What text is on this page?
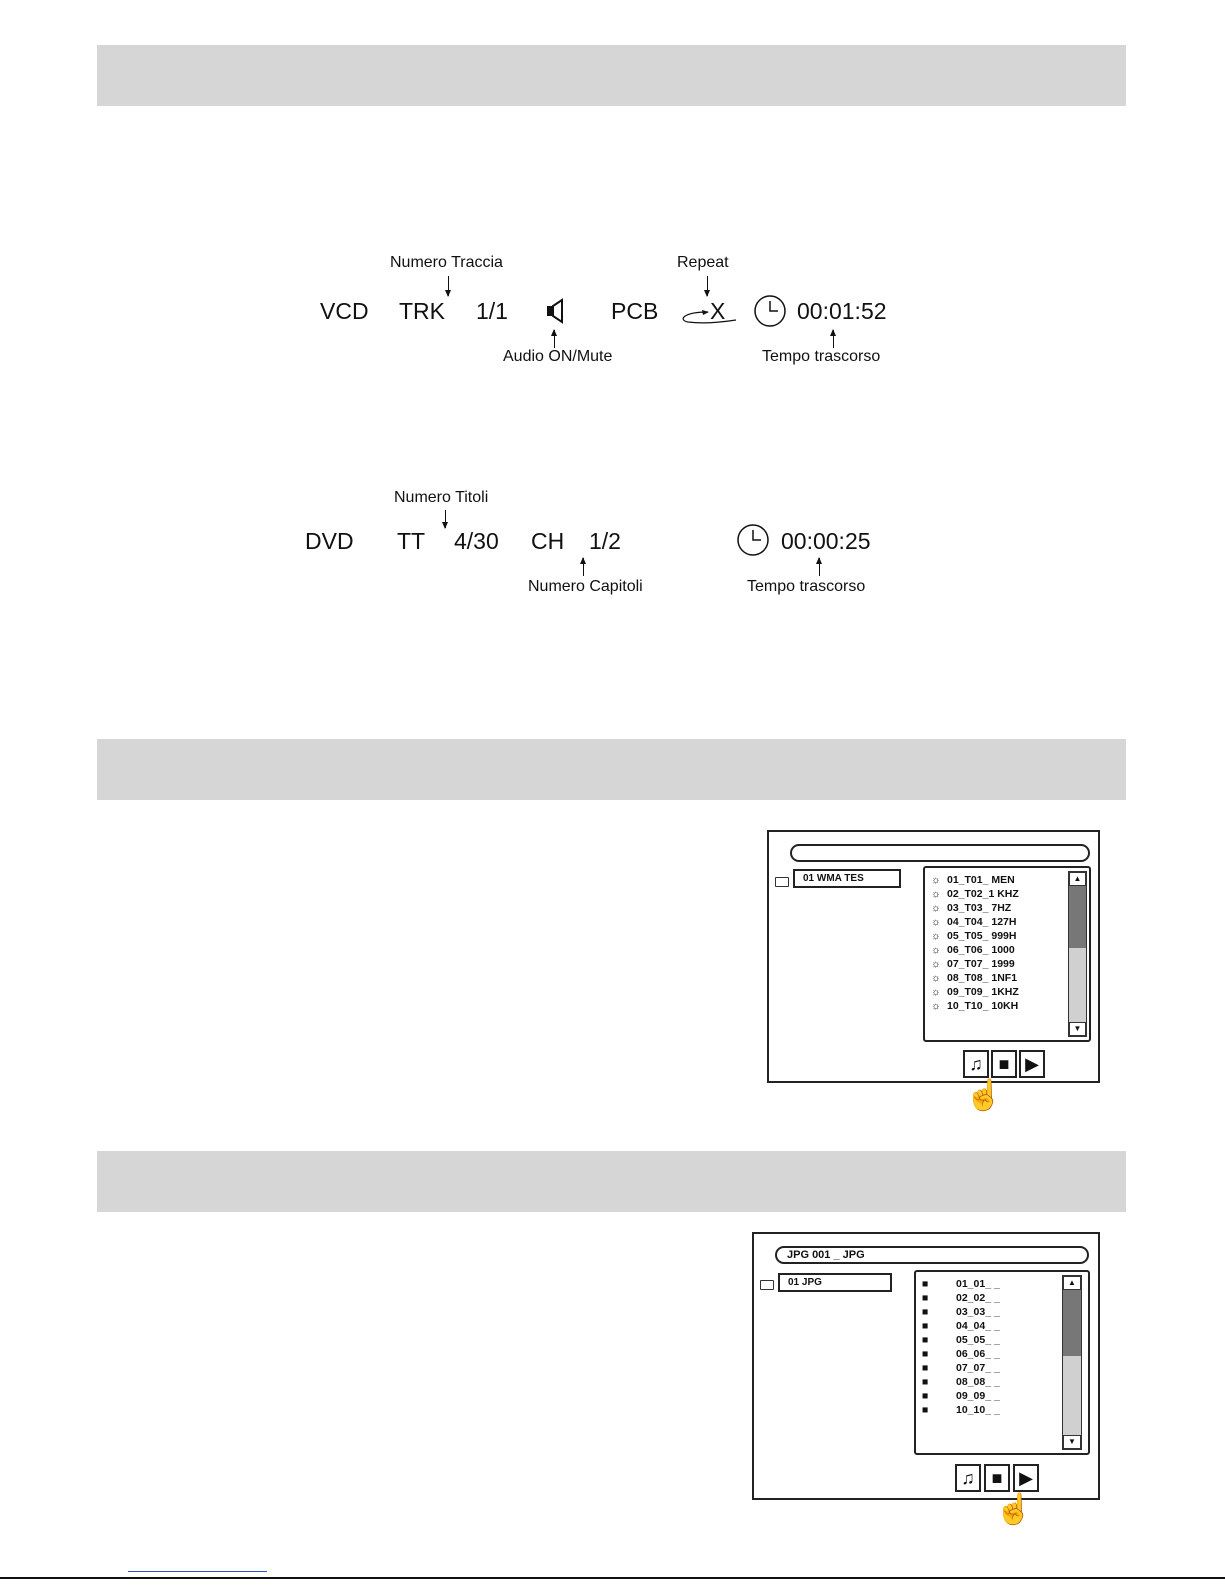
Numero Traccia	Repeat
VCD TRK 1/1	PCB X	00:01:52
Audio ON/Mute	Tempo trascorso
Numero Titoli
DVD TT 4/30 CH 1/2	00:00:25
Numero Capitoli	Tempo trascorso
01 WMA TES	☼ 01_T01_ MEN
☼ 02_T02_1 KHZ
☼ 03_T03_ 7HZ
☼ 04_T04_ 127H
☼ 05_T05_ 999H
☼ 06_T06_ 1000
☼ 07_T07_ 1999
☼ 08_T08_ 1NF1
☼ 09_T09_ 1KHZ
☼ 10_T10_ 10KH
▲
▼
♫ ■ ▶
☝
JPG 001 _ JPG
01 JPG	■	01_01_ _
■	02_02_ _
■	03_03_ _
■	04_04_ _
■	05_05_ _
■	06_06_ _
■	07_07_ _
■	08_08_ _
■	09_09_ _
■	10_10_ _
▲
▼
♫ ■ ▶
☝
